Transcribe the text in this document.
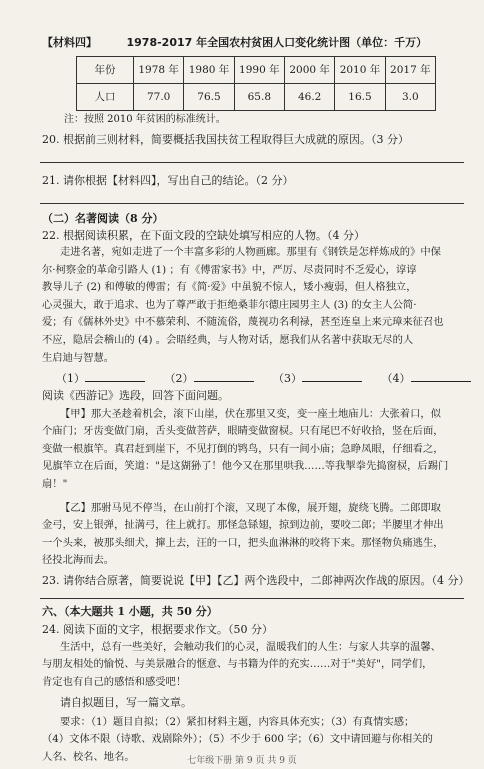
【材料四】	1978-2017 年全国农村贫困人口变化统计图（单位：千万）
年份	1978 年	1980 年	1990 年	2000 年	2010 年	2017 年
人口	77.0	76.5	65.8	46.2	16.5	3.0
注：按照 2010 年贫困的标准统计。
20. 根据前三则材料，简要概括我国扶贫工程取得巨大成就的原因。（3 分）
21. 请你根据【材料四】，写出自己的结论。（2 分）
（二）名著阅读（8 分）
22. 根据阅读积累，在下面文段的空缺处填写相应的人物。（4 分）
走进名著，宛如走进了一个丰富多彩的人物画廊。那里有《钢铁是怎样炼成的》中保
尔·柯察金的革命引路人 (1) ；有《傅雷家书》中，严厉、尽责同时不乏爱心，谆谆
教导儿子 (2) 和傅敏的傅雷；有《简·爱》中虽貌不惊人，矮小瘦弱，但人格独立，
心灵强大，敢于追求、也为了尊严敢于拒绝桑菲尔德庄园男主人 (3) 的女主人公简·
爱；有《儒林外史》中不慕荣利、不随流俗，蔑视功名利禄，甚至连皇上来元璋来征召也
不应，隐居会稽山的 (4) 。会晤经典，与人物对话，愿我们从名著中获取无尽的人
生启迪与智慧。
（1）	（2）	（3）	（4）
阅读《西游记》选段，回答下面问题。
【甲】那大圣趁着机会，滚下山崖，伏在那里又变，变一座土地庙儿：大张着口，似
个庙门；牙齿变做门扇，舌头变做菩萨，眼睛变做窗棂。只有尾巴不好收拾，竖在后面，
变做一根旗竿。真君赶到崖下，不见打倒的鸨鸟，只有一间小庙；急睁凤眼，仔细看之，
见旗竿立在后面，笑道："是这猢狲了！他今又在那里哄我……等我掣拳先捣窗棂，后踢门
扇！"
【乙】那驸马见不停当，在山前打个滚，又现了本像，展开翅，旋绕飞腾。二郎即取
金弓，安上银弹，扯满弓，往上就打。那怪急铩翅，掠到边前，要咬二郎；半腰里才伸出
一个头来，被那头细犬，撺上去，汪的一口，把头血淋淋的咬将下来。那怪物负痛逃生，
径投北海而去。
23. 请你结合原著，简要说说【甲】【乙】两个选段中，二郎神两次作战的原因。（4 分）
六、（本大题共 1 小题，共 50 分）
24. 阅读下面的文字，根据要求作文。（50 分）
生活中，总有一些美好，会触动我们的心灵，温暖我们的人生：与家人共享的温馨、
与朋友相处的愉悦、与美景融合的惬意、与书籍为伴的充实……对于"美好"，同学们，
肯定也有自己的感悟和感受吧！
请自拟题目，写一篇文章。
要求：（1）题目自拟；（2）紧扣材料主题，内容具体充实；（3）有真情实感；
（4）文体不限（诗歌、戏剧除外）；（5）不少于 600 字；（6）文中请回避与你相关的
人名、校名、地名。	七年级下册 第 9 页 共 9 页
